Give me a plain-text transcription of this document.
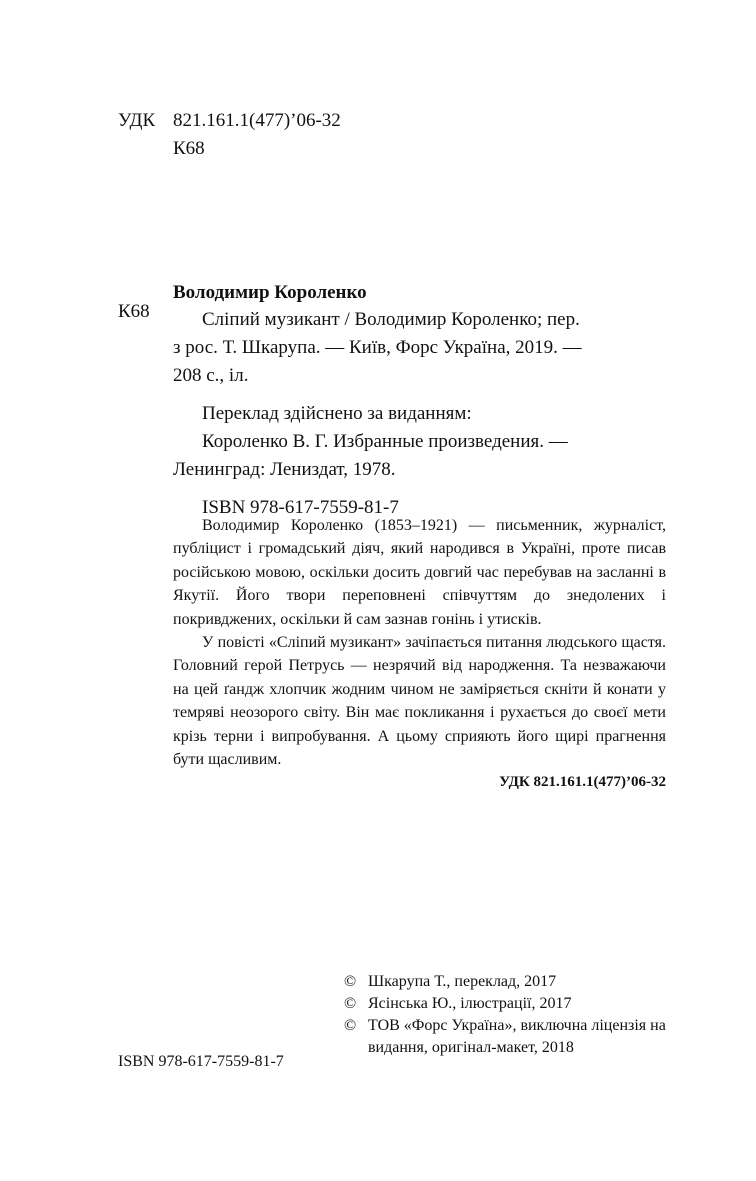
УДК 821.161.1(477)’06-32
К68
Володимир Короленко
К68	Сліпий музикант / Володимир Короленко; пер.
з рос. Т. Шкарупа. — Київ, Форс Україна, 2019. —
208 с., іл.
Переклад здійснено за виданням:
Короленко В. Г. Избранные произведения. —
Ленинград: Лениздат, 1978.
ISBN 978-617-7559-81-7

Володимир Короленко (1853–1921) — письменник, журналіст, публіцист і громадський діяч, який народився в Україні, проте писав російською мовою, оскільки досить довгий час перебував на засланні в Якутії. Його твори переповнені співчуттям до знедолених і покривджених, оскільки й сам зазнав гонінь і утисків.

У повісті «Сліпий музикант» зачіпається питання людського щастя. Головний герой Петрусь — незрячий від народження. Та незважаючи на цей ґандж хлопчик жодним чином не заміряється скніти й конати у темряві неозорого світу. Він має покликання і рухається до своєї мети крізь терни і випробування. А цьому сприяють його щирі прагнення бути щасливим.

УДК 821.161.1(477)’06-32
© Шкарупа Т., переклад, 2017
© Ясінська Ю., ілюстрації, 2017
© ТОВ «Форс Україна», виключна ліцензія на видання, оригінал-макет, 2018
ISBN 978-617-7559-81-7
